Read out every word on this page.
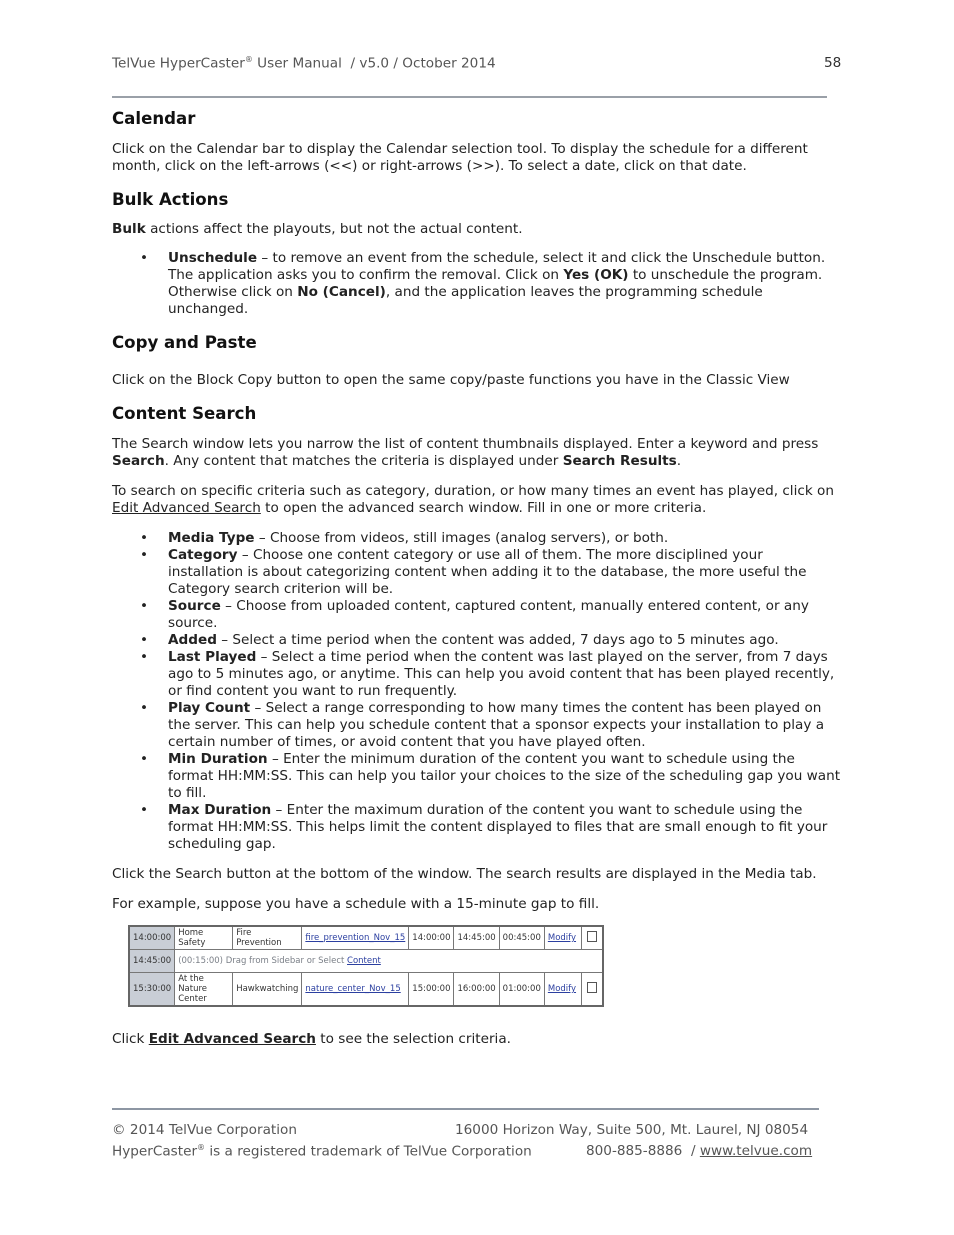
TelVue HyperCaster® User Manual  / v5.0 / October 2014	58
Calendar

Click on the Calendar bar to display the Calendar selection tool. To display the schedule for a different month, click on the left-arrows (<<) or right-arrows (>>). To select a date, click on that date.

Bulk Actions

Bulk actions affect the playouts, but not the actual content.

• Unschedule – to remove an event from the schedule, select it and click the Unschedule button. The application asks you to confirm the removal. Click on Yes (OK) to unschedule the program. Otherwise click on No (Cancel), and the application leaves the programming schedule unchanged.
Copy and Paste

Click on the Block Copy button to open the same copy/paste functions you have in the Classic View

Content Search

The Search window lets you narrow the list of content thumbnails displayed. Enter a keyword and press Search. Any content that matches the criteria is displayed under Search Results.

To search on specific criteria such as category, duration, or how many times an event has played, click on Edit Advanced Search to open the advanced search window. Fill in one or more criteria.

• Media Type – Choose from videos, still images (analog servers), or both.
• Category – Choose one content category or use all of them. The more disciplined your installation is about categorizing content when adding it to the database, the more useful the Category search criterion will be.
• Source – Choose from uploaded content, captured content, manually entered content, or any source.
• Added – Select a time period when the content was added, 7 days ago to 5 minutes ago.
• Last Played – Select a time period when the content was last played on the server, from 7 days ago to 5 minutes ago, or anytime. This can help you avoid content that has been played recently, or find content you want to run frequently.
• Play Count – Select a range corresponding to how many times the content has been played on the server. This can help you schedule content that a sponsor expects your installation to play a certain number of times, or avoid content that you have played often.
• Min Duration – Enter the minimum duration of the content you want to schedule using the format HH:MM:SS. This can help you tailor your choices to the size of the scheduling gap you want to fill.
• Max Duration – Enter the maximum duration of the content you want to schedule using the format HH:MM:SS. This helps limit the content displayed to files that are small enough to fit your scheduling gap.

Click the Search button at the bottom of the window. The search results are displayed in the Media tab.

For example, suppose you have a schedule with a 15-minute gap to fill.

14:00:00	Home Safety	Fire Prevention	fire_prevention_Nov_15	14:00:00	14:45:00	00:45:00	Modify	
14:45:00	(00:15:00) Drag from Sidebar or Select Content							
15:30:00	At the Nature Center	Hawkwatching	nature_center_Nov_15	15:00:00	16:00:00	01:00:00	Modify	

Click Edit Advanced Search to see the selection criteria.

© 2014 TelVue Corporation	16000 Horizon Way, Suite 500, Mt. Laurel, NJ 08054
HyperCaster® is a registered trademark of TelVue Corporation	800-885-8886  / www.telvue.com
